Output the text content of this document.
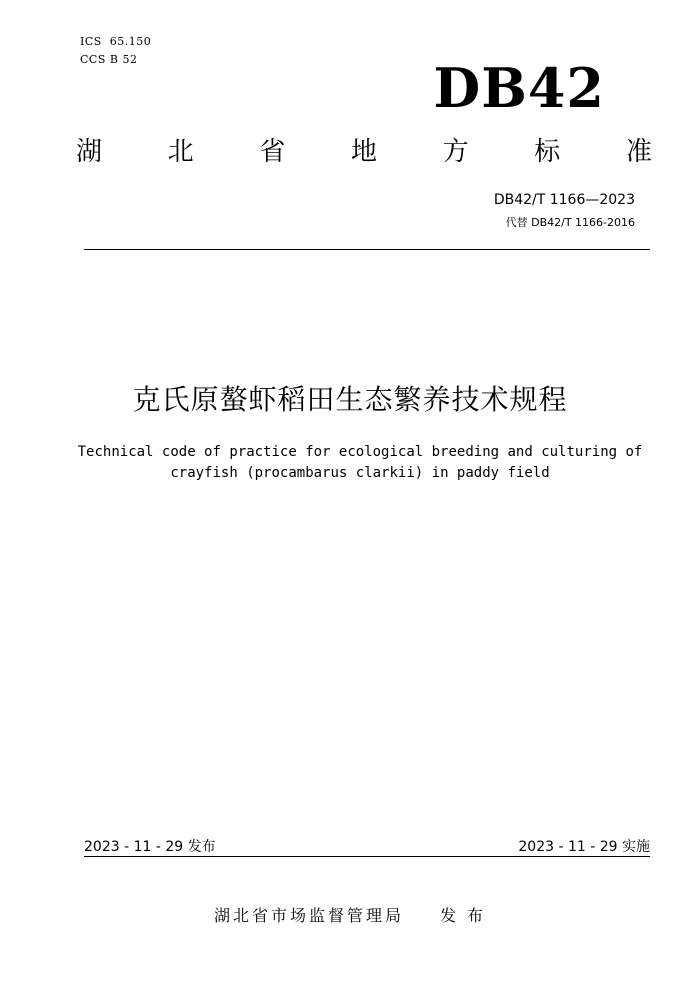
ICS  65.150
CCS B 52	DB42
湖	北	省	地	方	标	准
DB42/T 1166—2023
代替 DB42/T 1166-2016
克氏原螯虾稻田生态繁养技术规程
Technical code of practice for ecological breeding and culturing of
crayfish (procambarus clarkii) in paddy field
2023 - 11 - 29 发布	2023 - 11 - 29 实施
湖北省市场监督管理局 发 布
